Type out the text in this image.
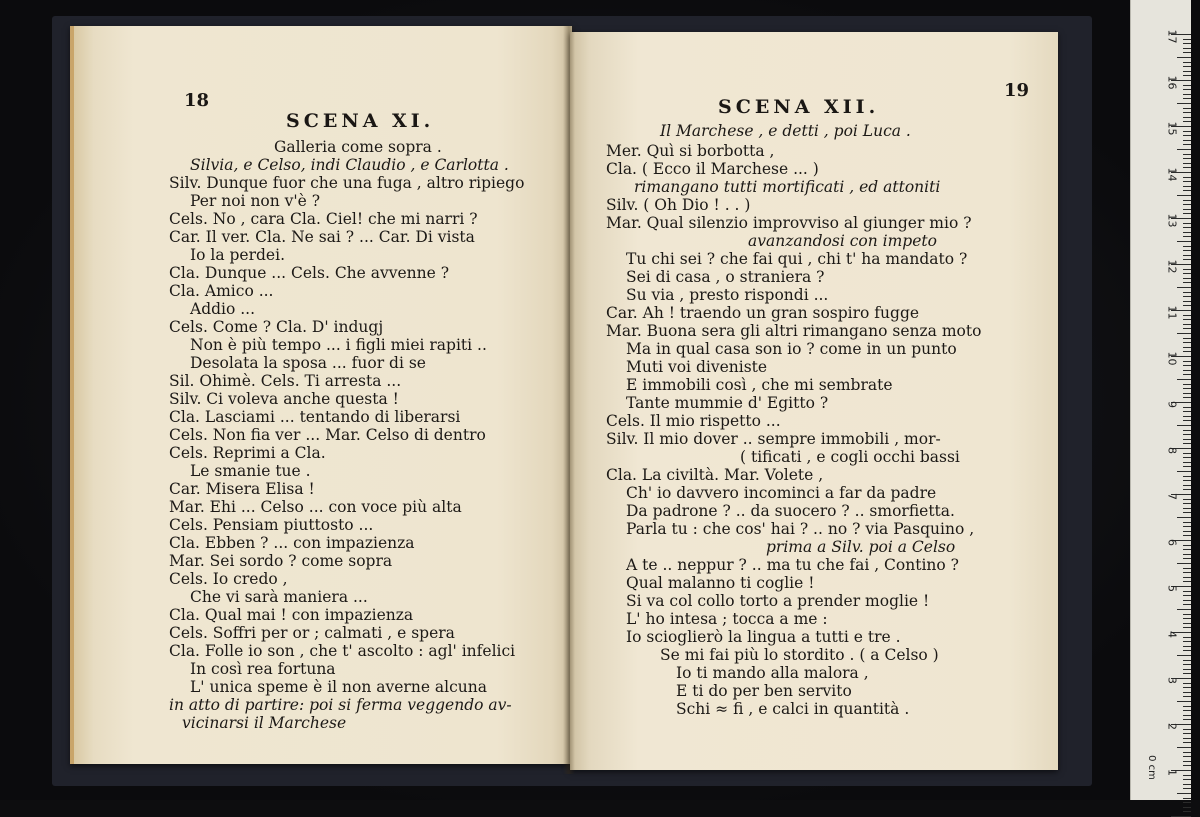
18
SCENA XI.
Galleria come sopra .
Silvia, e Celso, indi Claudio , e Carlotta .
Silv. Dunque fuor che una fuga , altro ripiego
Per noi non v'è ?
Cels. No , cara Cla. Ciel! che mi narri ?
Car. Il ver. Cla. Ne sai ? ... Car. Di vista
Io la perdei.
Cla. Dunque ... Cels. Che avvenne ?
Cla. Amico ...
Addio ...
Cels. Come ? Cla. D' indugj
Non è più tempo ... i figli miei rapiti ..
Desolata la sposa ... fuor di se
Sil. Ohimè. Cels. Ti arresta ...
Silv. Ci voleva anche questa !
Cla. Lasciami ... tentando di liberarsi
Cels. Non fia ver ... Mar. Celso di dentro
Cels. Reprimi a Cla.
Le smanie tue .
Car. Misera Elisa !
Mar. Ehi ... Celso ... con voce più alta
Cels. Pensiam piuttosto ...
Cla. Ebben ? ... con impazienza
Mar. Sei sordo ? come sopra
Cels. Io credo ,
Che vi sarà maniera ...
Cla. Qual mai ! con impazienza
Cels. Soffri per or ; calmati , e spera
Cla. Folle io son , che t' ascolto : agl' infelici
In così rea fortuna
L' unica speme è il non averne alcuna
in atto di partire: poi si ferma veggendo av-
vicinarsi il Marchese
19
SCENA XII.
Il Marchese , e detti , poi Luca .
Mer. Quì si borbotta ,
Cla. ( Ecco il Marchese ... )
rimangano tutti mortificati , ed attoniti
Silv. ( Oh Dio ! . . )
Mar. Qual silenzio improvviso al giunger mio ?
avanzandosi con impeto
Tu chi sei ? che fai qui , chi t' ha mandato ?
Sei di casa , o straniera ?
Su via , presto rispondi ...
Car. Ah ! traendo un gran sospiro fugge
Mar. Buona sera gli altri rimangano senza moto
Ma in qual casa son io ? come in un punto
Muti voi diveniste
E immobili così , che mi sembrate
Tante mummie d' Egitto ?
Cels. Il mio rispetto ...
Silv. Il mio dover .. sempre immobili , mor-
( tificati , e cogli occhi bassi
Cla. La civiltà. Mar. Volete ,
Ch' io davvero incominci a far da padre
Da padrone ? .. da suocero ? .. smorfietta.
Parla tu : che cos' hai ? .. no ? via Pasquino ,
prima a Silv. poi a Celso
A te .. neppur ? .. ma tu che fai , Contino ?
Qual malanno ti coglie !
Si va col collo torto a prender moglie !
L' ho intesa ; tocca a me :
Io scioglierò la lingua a tutti e tre .
Se mi fai più lo stordito . ( a Celso )
Io ti mando alla malora ,
E ti do per ben servito
Schi ≈ fi , e calci in quantità .
0 cm
17
16
15
14
13
12
11
10
9
8
7
6
5
4
3
2
1
